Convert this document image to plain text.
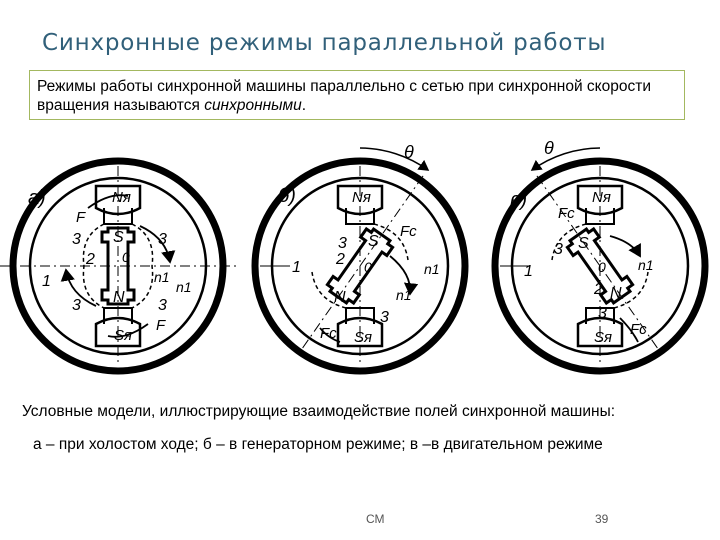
Синхронные режимы параллельной работы
Режимы работы синхронной машины параллельно с сетью при синхронной скорости вращения называются синхронными.
а)	Nя
Sя
S
N
0
n1
n1
F
F
1
2
3	3
3	3
б)
θ
Nя
Sя
S
N
0	n1
n1
Fc
Fc
1 2
3
3
в)
θ
Nя
Sя
S
N
0 n1
Fc
Fc
1
2
3
3
Условные модели, иллюстрирующие взаимодействие полей синхронной машины:
а – при холостом ходе; б – в генераторном режиме; в –в двигательном режиме
СМ	39
